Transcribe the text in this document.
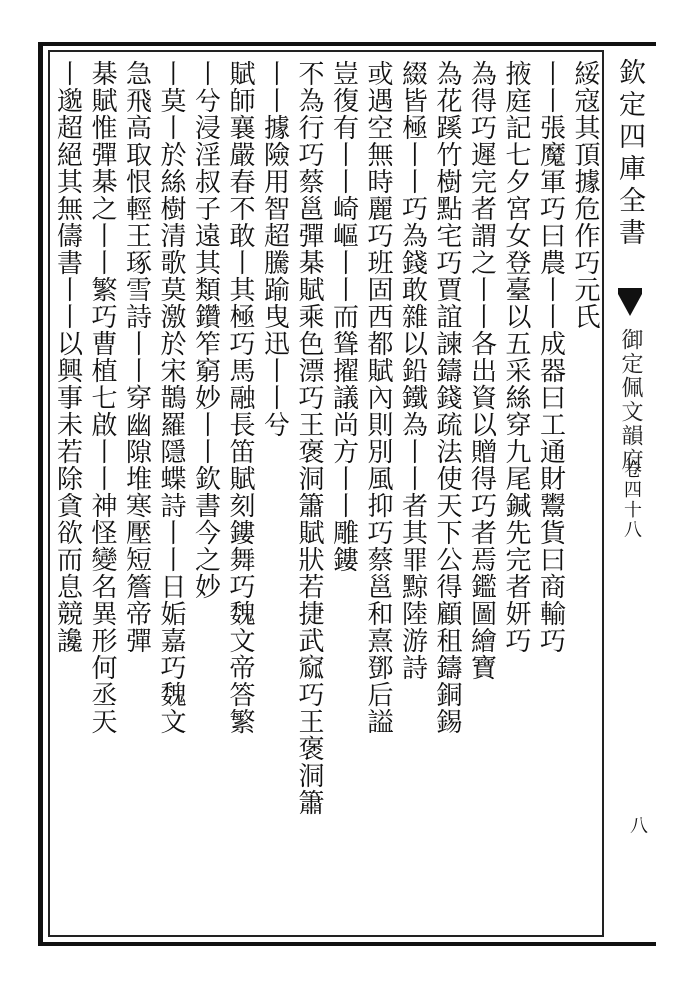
欽定四庫全書
御定佩文韻府
卷四十八
八
綏寇其頂據危作巧元氏
丨丨張魔軍巧曰農丨丨成器曰工通財鬻貨曰商輸巧
掖庭記七夕宮女登臺以五采絲穿九尾鍼先完者妍巧
為得巧遲完者謂之丨丨各出資以贈得巧者焉鑑圖繪寶
為花蹊竹樹點宅巧賈誼諫鑄錢疏法使天下公得顧租鑄銅錫
綴皆極丨丨巧為錢敢雜以鉛鐵為丨丨者其罪黥陸游詩
或遇空無時麗巧班固西都賦內則別風抑巧蔡邕和熹鄧后謚
豈復有丨丨崎嶇丨丨而聳擢議尚方丨丨雕鏤
不為行巧蔡邕彈棊賦乘色漂巧王褒洞簫賦狀若捷武窳巧王褒洞簫
丨丨據險用智超騰踰曳迅丨丨兮
賦師襄嚴春不敢丨其極巧馬融長笛賦刻鏤舞巧魏文帝答繁
丨兮浸淫叔子遠其類鑽笮窮妙丨丨欽書今之妙
丨莫丨於絲樹清歌莫激於宋鵲羅隱蝶詩丨丨日姤嘉巧魏文
急飛高取恨輕王琢雪詩丨丨穿幽隙堆寒壓短簷帝彈
棊賦惟彈棊之丨丨繁巧曹植七啟丨丨神怪變名異形何丞天
丨邈超絕其無儔書丨丨以興事未若除貪欲而息競讒
